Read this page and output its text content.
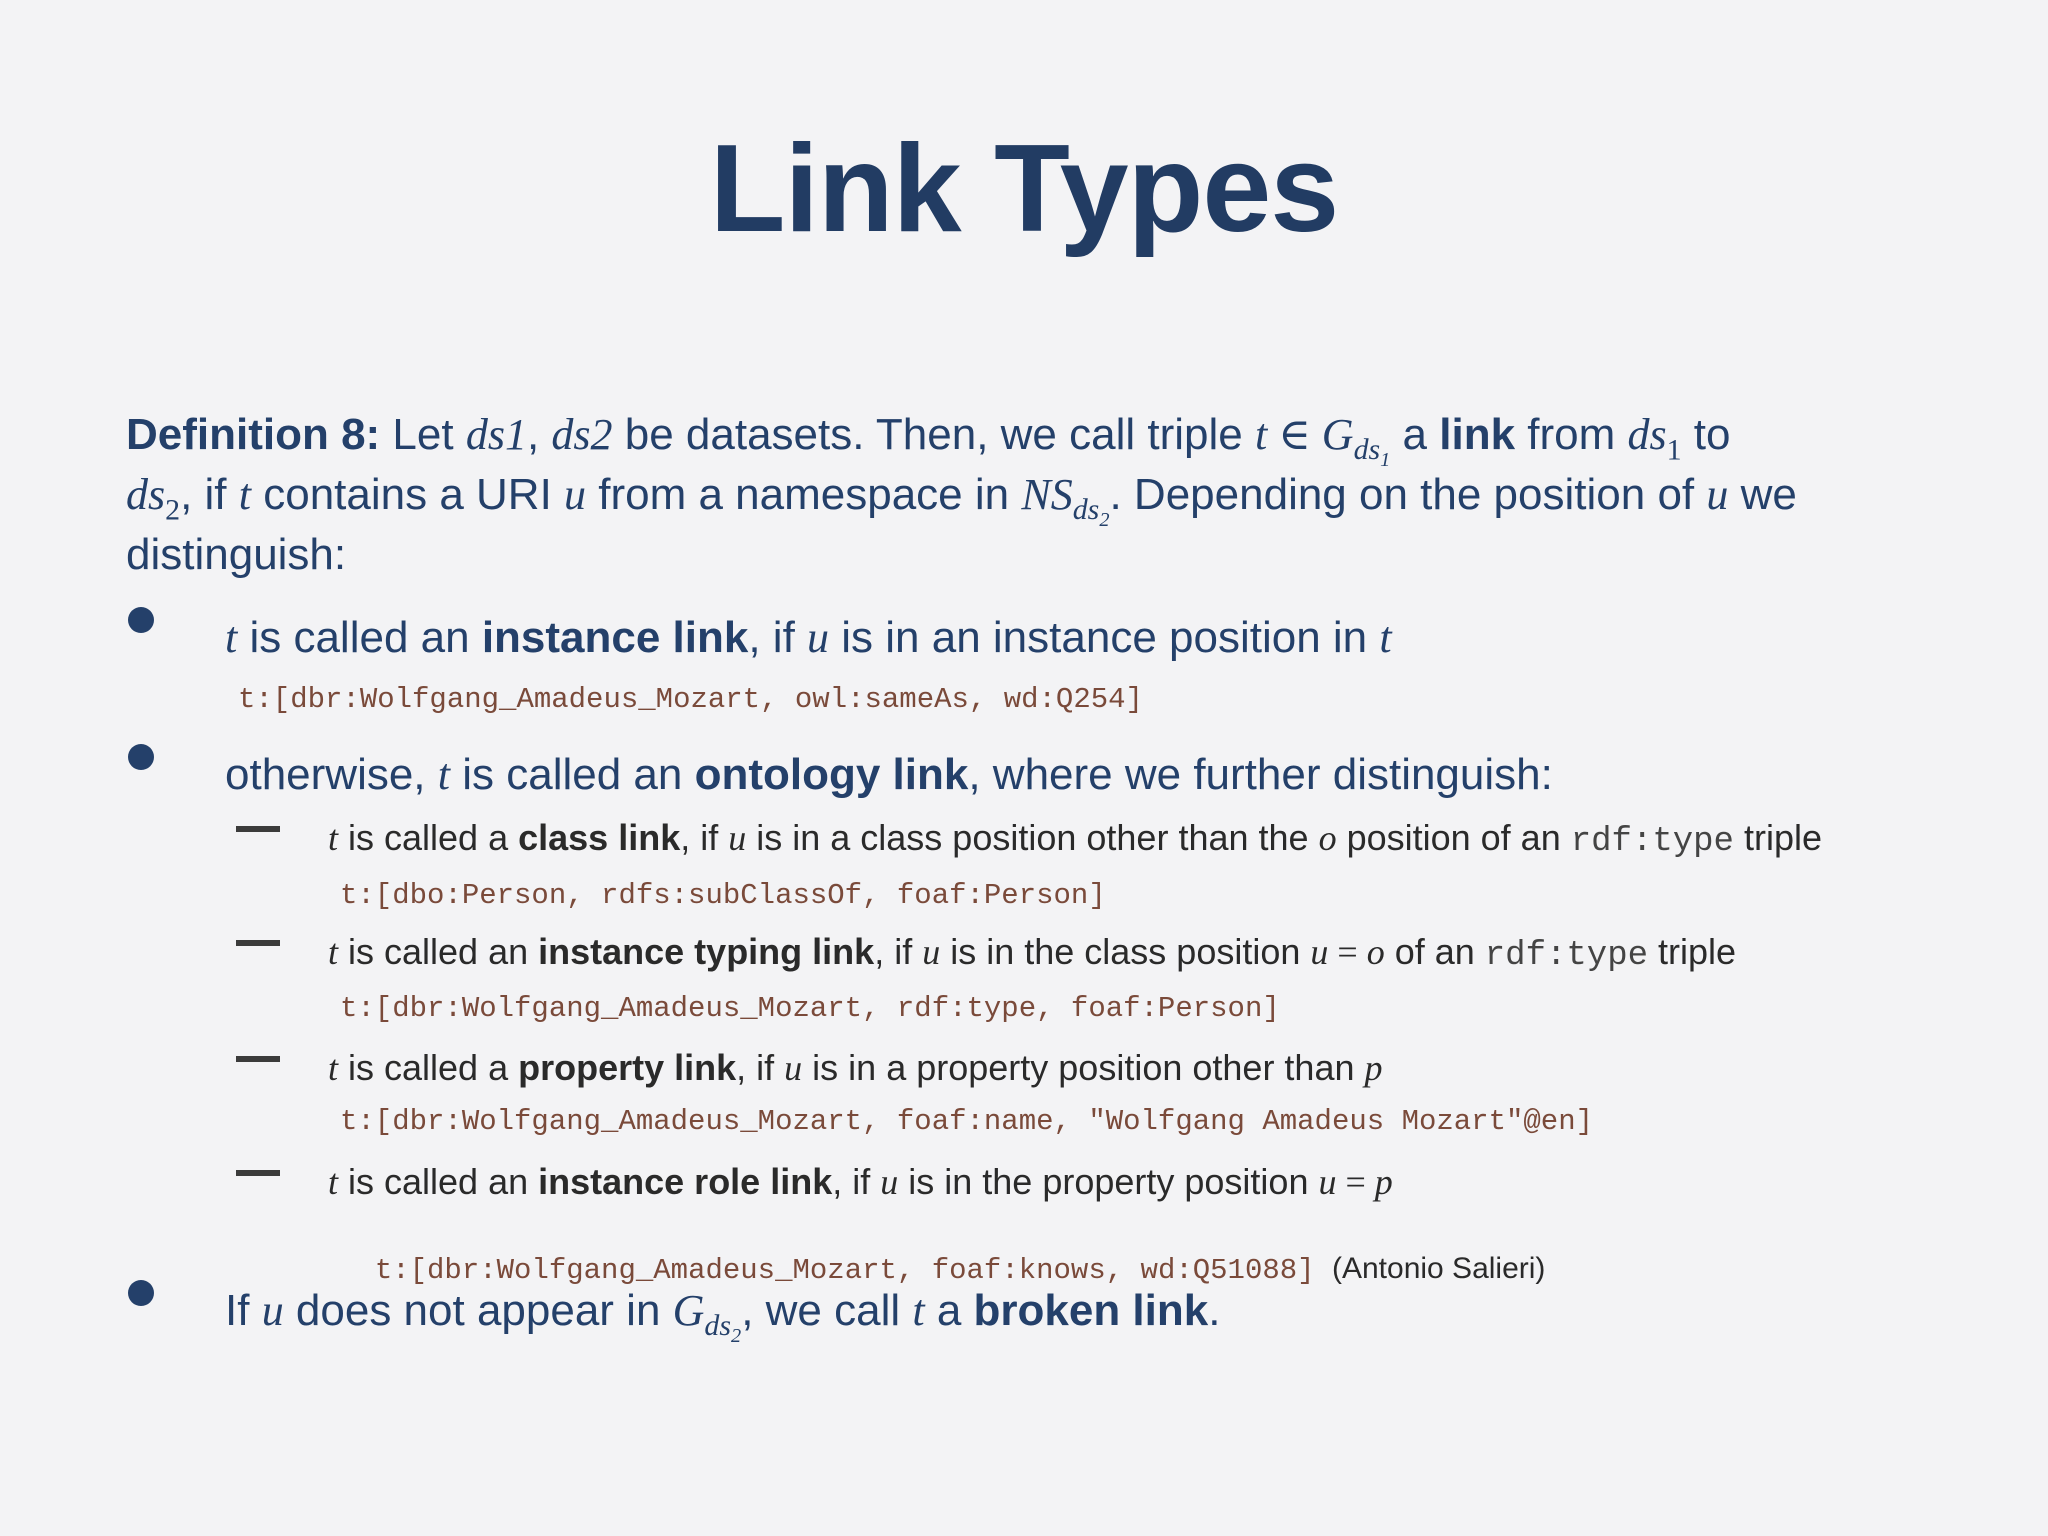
Link Types
Definition 8: Let ds1, ds2 be datasets. Then, we call triple t ∈ $G_{ds_1}$ a link from $ds_1$ to
$ds_2$, if t contains a URI u from a namespace in $NS_{ds_2}$. Depending on the position of u we distinguish:
t is called an instance link, if u is in an instance position in t
t:[dbr:Wolfgang_Amadeus_Mozart, owl:sameAs, wd:Q254]
otherwise, t is called an ontology link, where we further distinguish:
t is called a class link, if u is in a class position other than the o position of an rdf:type triple
t:[dbo:Person, rdfs:subClassOf, foaf:Person]
t is called an instance typing link, if u is in the class position u = o of an rdf:type triple
t:[dbr:Wolfgang_Amadeus_Mozart, rdf:type, foaf:Person]
t is called a property link, if u is in a property position other than p
t:[dbr:Wolfgang_Amadeus_Mozart, foaf:name, "Wolfgang Amadeus Mozart"@en]
t is called an instance role link, if u is in the property position u = p

t:[dbr:Wolfgang_Amadeus_Mozart, foaf:knows, wd:Q51088] (Antonio Salieri)

If u does not appear in $G_{ds_2}$, we call t a broken link.
